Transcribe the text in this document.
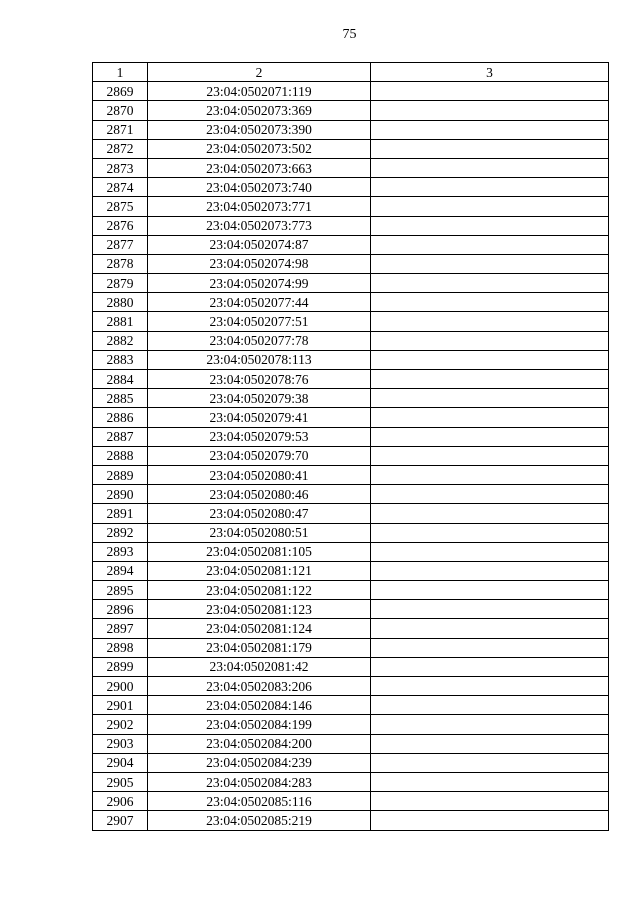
75
1	2	3
2869	23:04:0502071:119	
2870	23:04:0502073:369	
2871	23:04:0502073:390	
2872	23:04:0502073:502	
2873	23:04:0502073:663	
2874	23:04:0502073:740	
2875	23:04:0502073:771	
2876	23:04:0502073:773	
2877	23:04:0502074:87	
2878	23:04:0502074:98	
2879	23:04:0502074:99	
2880	23:04:0502077:44	
2881	23:04:0502077:51	
2882	23:04:0502077:78	
2883	23:04:0502078:113	
2884	23:04:0502078:76	
2885	23:04:0502079:38	
2886	23:04:0502079:41	
2887	23:04:0502079:53	
2888	23:04:0502079:70	
2889	23:04:0502080:41	
2890	23:04:0502080:46	
2891	23:04:0502080:47	
2892	23:04:0502080:51	
2893	23:04:0502081:105	
2894	23:04:0502081:121	
2895	23:04:0502081:122	
2896	23:04:0502081:123	
2897	23:04:0502081:124	
2898	23:04:0502081:179	
2899	23:04:0502081:42	
2900	23:04:0502083:206	
2901	23:04:0502084:146	
2902	23:04:0502084:199	
2903	23:04:0502084:200	
2904	23:04:0502084:239	
2905	23:04:0502084:283	
2906	23:04:0502085:116	
2907	23:04:0502085:219	
